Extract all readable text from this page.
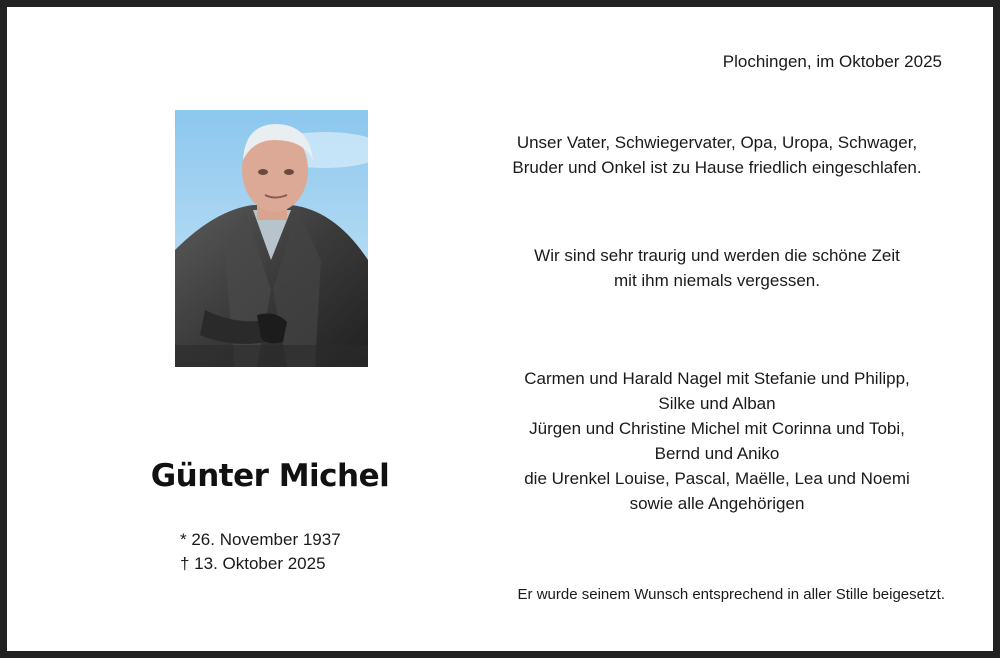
Plochingen, im Oktober 2025
Günter Michel
* 26. November 1937
† 13. Oktober 2025
Unser Vater, Schwiegervater, Opa, Uropa, Schwager,
Bruder und Onkel ist zu Hause friedlich eingeschlafen.
Wir sind sehr traurig und werden die schöne Zeit
mit ihm niemals vergessen.
Carmen und Harald Nagel mit Stefanie und Philipp,
Silke und Alban
Jürgen und Christine Michel mit Corinna und Tobi,
Bernd und Aniko
die Urenkel Louise, Pascal, Maëlle, Lea und Noemi
sowie alle Angehörigen
Er wurde seinem Wunsch entsprechend in aller Stille beigesetzt.
